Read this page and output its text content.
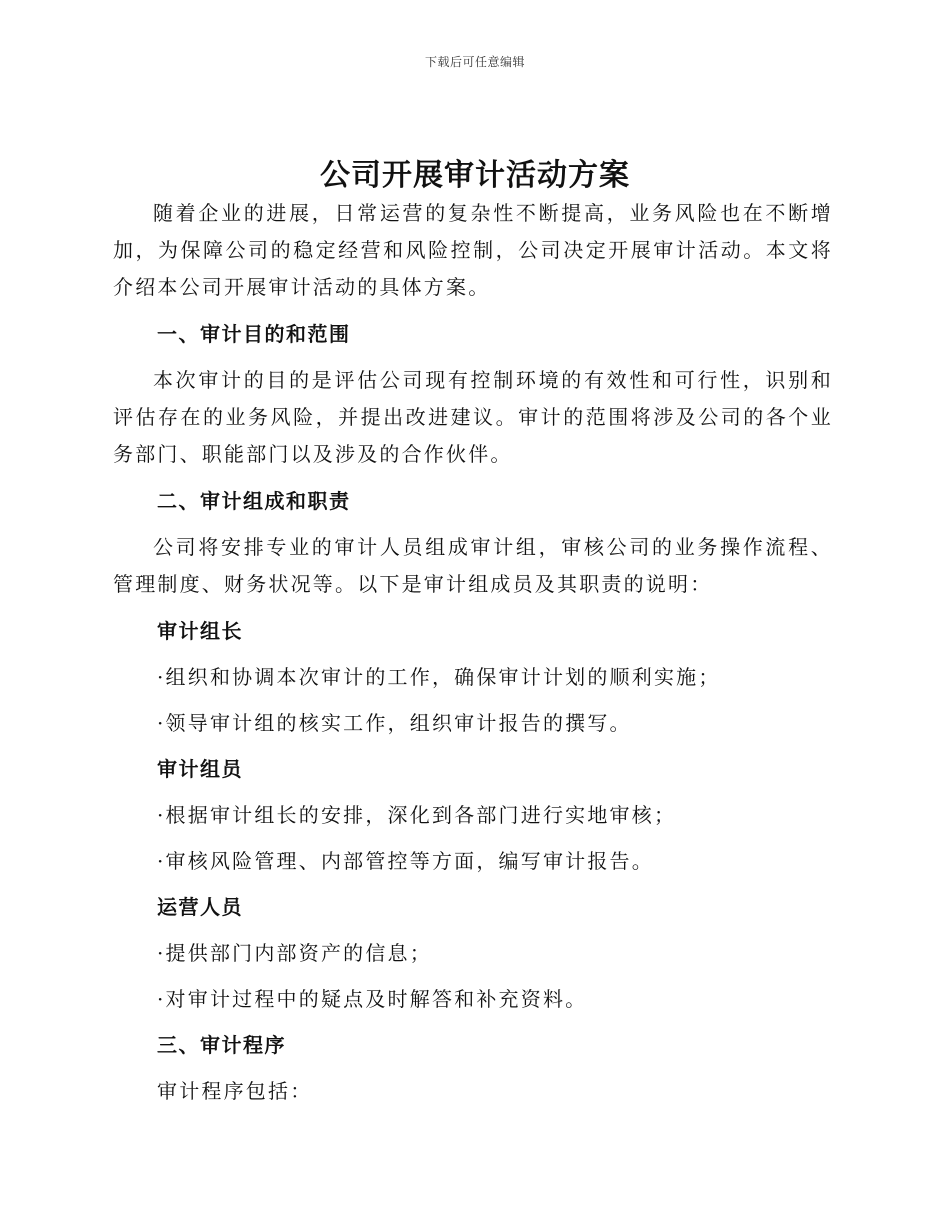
下载后可任意编辑
公司开展审计活动方案

随着企业的进展，日常运营的复杂性不断提高，业务风险也在不断增加，为保障公司的稳定经营和风险控制，公司决定开展审计活动。本文将介绍本公司开展审计活动的具体方案。

一、审计目的和范围

本次审计的目的是评估公司现有控制环境的有效性和可行性，识别和评估存在的业务风险，并提出改进建议。审计的范围将涉及公司的各个业务部门、职能部门以及涉及的合作伙伴。

二、审计组成和职责

公司将安排专业的审计人员组成审计组，审核公司的业务操作流程、管理制度、财务状况等。以下是审计组成员及其职责的说明：

审计组长
·组织和协调本次审计的工作，确保审计计划的顺利实施；
·领导审计组的核实工作，组织审计报告的撰写。
审计组员
·根据审计组长的安排，深化到各部门进行实地审核；
·审核风险管理、内部管控等方面，编写审计报告。
运营人员
·提供部门内部资产的信息；
·对审计过程中的疑点及时解答和补充资料。
三、审计程序
审计程序包括：
